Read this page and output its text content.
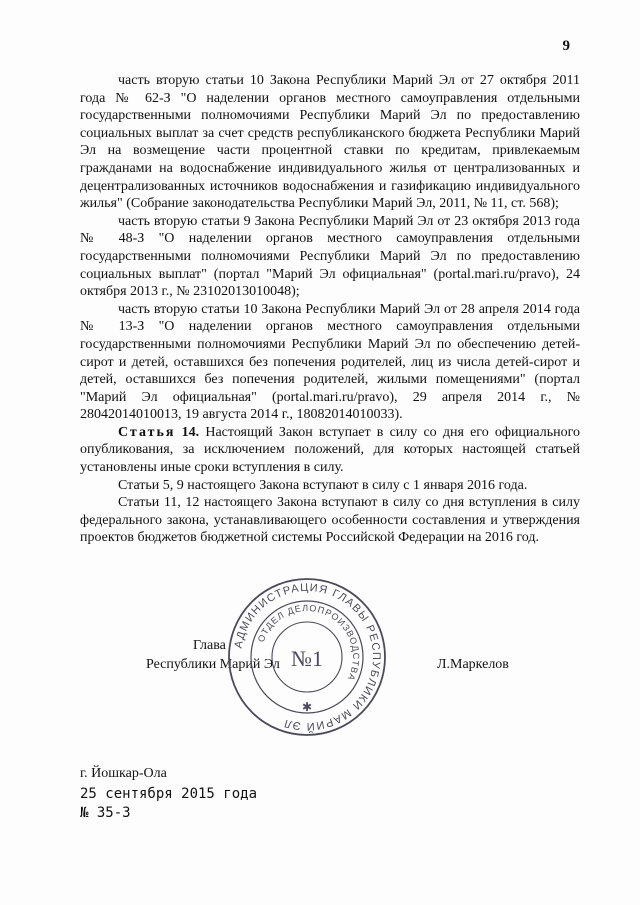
9

часть вторую статьи 10 Закона Республики Марий Эл от 27 октября 2011 года № 62-З "О наделении органов местного самоуправления отдельными государственными полномочиями Республики Марий Эл по предоставлению социальных выплат за счет средств республиканского бюджета Республики Марий Эл на возмещение части процентной ставки по кредитам, привлекаемым гражданами на водоснабжение индивидуального жилья от централизованных и децентрализованных источников водоснабжения и газификацию индивидуального жилья" (Собрание законодательства Республики Марий Эл, 2011, № 11, ст. 568);

часть вторую статьи 9 Закона Республики Марий Эл от 23 октября 2013 года № 48-З "О наделении органов местного самоуправления отдельными государственными полномочиями Республики Марий Эл по предоставлению социальных выплат" (портал "Марий Эл официальная" (portal.mari.ru/pravo), 24 октября 2013 г., № 23102013010048);

часть вторую статьи 10 Закона Республики Марий Эл от 28 апреля 2014 года № 13-З "О наделении органов местного самоуправления отдельными государственными полномочиями Республики Марий Эл по обеспечению детей-сирот и детей, оставшихся без попечения родителей, лиц из числа детей-сирот и детей, оставшихся без попечения родителей, жилыми помещениями" (портал "Марий Эл официальная" (portal.mari.ru/pravo), 29 апреля 2014 г., № 28042014010013, 19 августа 2014 г., 18082014010033).

Статья 14. Настоящий Закон вступает в силу со дня его официального опубликования, за исключением положений, для которых настоящей статьей установлены иные сроки вступления в силу.

Статьи 5, 9 настоящего Закона вступают в силу с 1 января 2016 года.

Статьи 11, 12 настоящего Закона вступают в силу со дня вступления в силу федерального закона, устанавливающего особенности составления и утверждения проектов бюджетов бюджетной системы Российской Федерации на 2016 год.

Глава
Республики Марий Эл	Л.Маркелов
АДМИНИСТРАЦИЯ ГЛАВЫ РЕСПУБЛИКИ МАРИЙ ЭЛ
ОТДЕЛ ДЕЛОПРОИЗВОДСТВА
№1
✱
г. Йошкар-Ола
25 сентября 2015 года
№ 35-З
